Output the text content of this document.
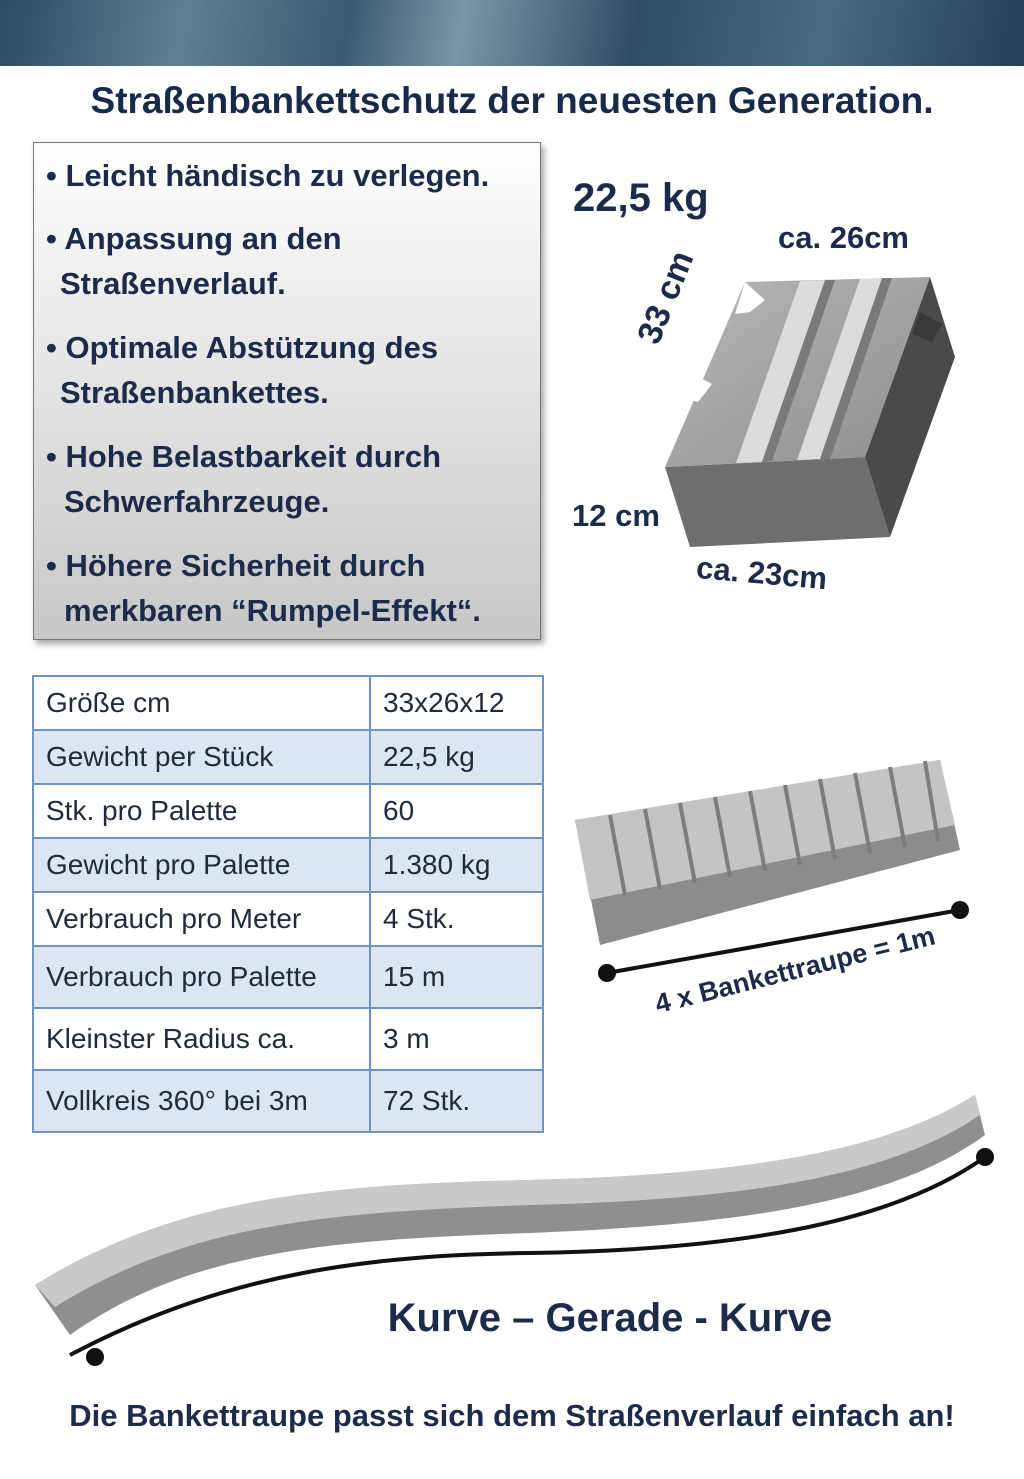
Straßenbankettschutz der neuesten Generation.
• Leicht händisch zu verlegen.
• Anpassung an den
Straßenverlauf.
• Optimale Abstützung des
Straßenbankettes.
• Hohe Belastbarkeit durch
Schwerfahrzeuge.
• Höhere Sicherheit durch
merkbaren “Rumpel-Effekt“.
22,5 kg
ca. 26cm
33 cm
12 cm
ca. 23cm
Größe cm	33x26x12
Gewicht per Stück	22,5 kg
Stk. pro Palette	60
Gewicht pro Palette	1.380 kg
Verbrauch pro Meter	4 Stk.
Verbrauch pro Palette	15 m
Kleinster Radius ca.	3 m
Vollkreis 360° bei 3m	72 Stk.
4 x Bankettraupe = 1m
Kurve – Gerade - Kurve
Die Bankettraupe passt sich dem Straßenverlauf einfach an!
